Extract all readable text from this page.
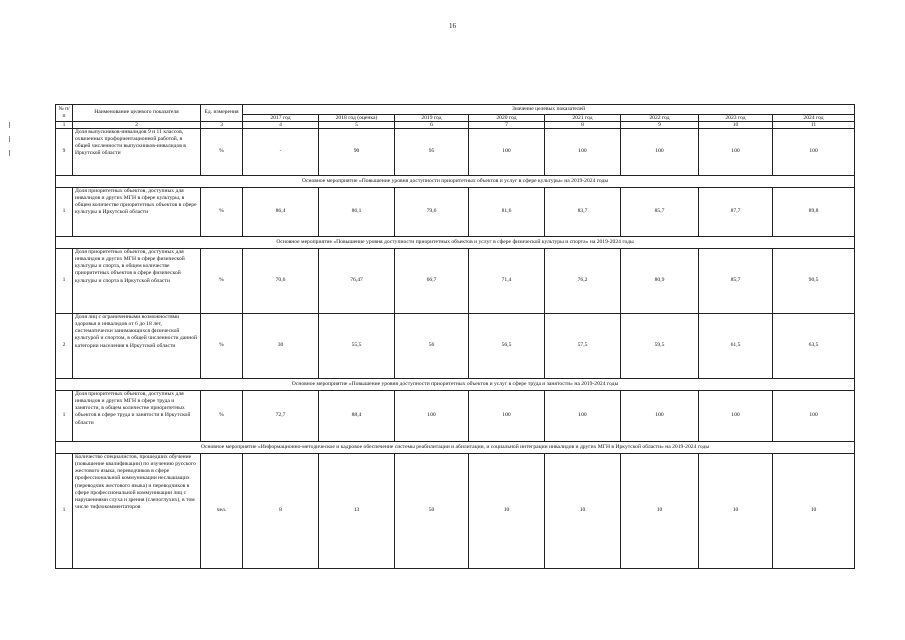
16
№ п/п	Наименование целевого показателя	Ед. измерения	Значение целевых показателей							
			2017 год	2018 год (оценка)	2019 год	2020 год	2021 год	2022 год	2023 год	2024 год
1	2	3	4	5	6	7	8	9	10	11
9	Доля выпускников-инвалидов 9 и 11 классов, охваченных профориентационной работой, в общей численности выпускников-инвалидов в Иркутской области	%	-	90	95	100	100	100	100	100
Основное мероприятие «Повышение уровня доступности приоритетных объектов и услуг в сфере культуры» на 2019-2024 годы										
1	Доля приоритетных объектов, доступных для инвалидов и других МГН в сфере культуры, в общем количестве приоритетных объектов в сфере культуры в Иркутской области	%	86,4	86,1	79,6	81,6	83,7	85,7	87,7	89,8
Основное мероприятие «Повышение уровня доступности приоритетных объектов и услуг в сфере физической культуры и спорта» на 2019-2024 годы										
1	Доля приоритетных объектов, доступных для инвалидов и других МГН в сфере физической культуры и спорта, в общем количестве приоритетных объектов в сфере физической культуры и спорта в Иркутской области	%	70,6	76,47	66,7	71,4	76,2	80,9	85,7	90,5
2	Доля лиц с ограниченными возможностями здоровья и инвалидов от 6 до 18 лет, систематически занимающихся физической культурой и спортом, в общей численности данной категории населения в Иркутской области	%	30	55,5	56	56,5	57,5	59,5	61,5	63,5
Основное мероприятие «Повышение уровня доступности приоритетных объектов и услуг в сфере труда и занятости» на 2019-2024 годы										
1	Доля приоритетных объектов, доступных для инвалидов и других МГН в сфере труда и занятости, в общем количестве приоритетных объектов в сфере труда и занятости в Иркутской области	%	72,7	88,4	100	100	100	100	100	100
Основное мероприятие «Информационно-методическое и кадровое обеспечение системы реабилитации и абилитации, и социальной интеграции инвалидов и других МГН в Иркутской области» на 2019-2024 годы										
1	Количество специалистов, прошедших обучение (повышение квалификации) по изучению русского жестового языка, переводчиков в сфере профессиональной коммуникации неслышащих (переводчик жестового языка) и переводчиков в сфере профессиональной коммуникации лиц с нарушениями слуха и зрения (слепоглухих), в том числе тифлокомментаторов	чел.	8	13	50	10	10	10	10	10
